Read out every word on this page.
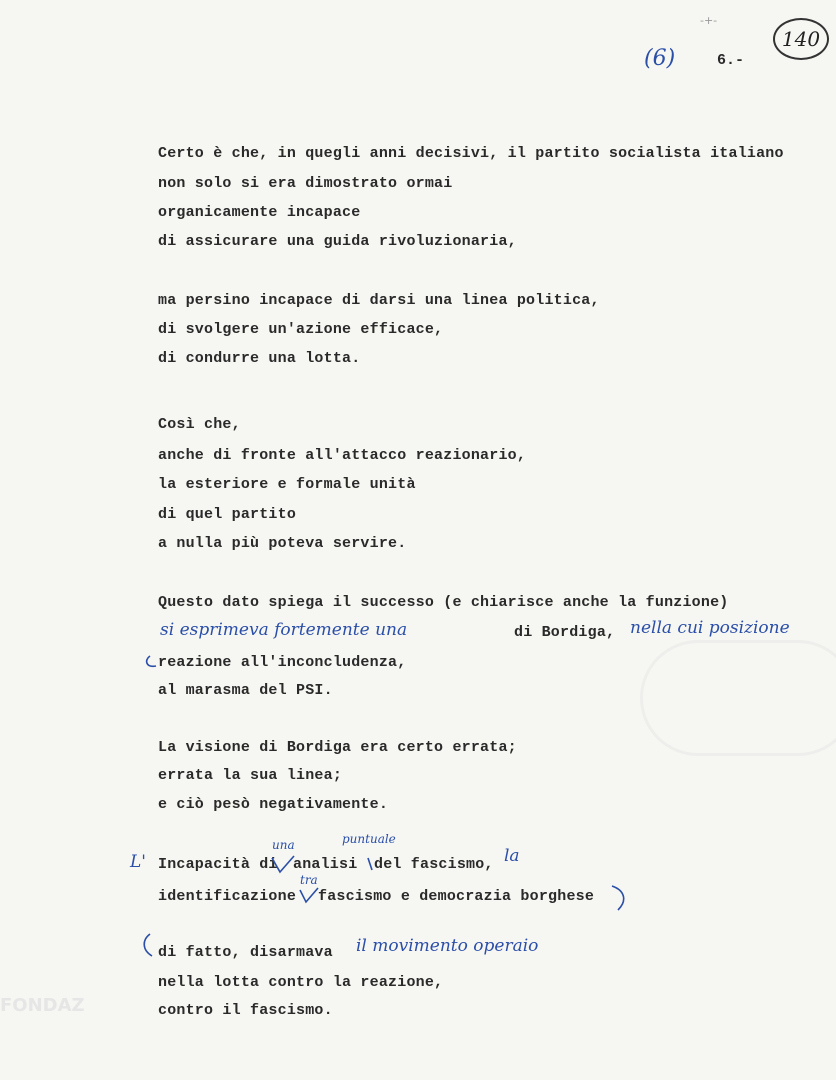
FONDAZ
-+-
140
(6)	6.-
Certo è che, in quegli anni decisivi, il partito socialista italiano
non solo si era dimostrato ormai
organicamente incapace
di assicurare una guida rivoluzionaria,
ma persino incapace di darsi una linea politica,
di svolgere un'azione efficace,
di condurre una lotta.
Così che,
anche di fronte all'attacco reazionario,
la esteriore e formale unità
di quel partito
a nulla più poteva servire.
Questo dato spiega il successo (e chiarisce anche la funzione)
si esprimeva fortemente una	di Bordiga, nella cui posizione
reazione all'inconcludenza,
al marasma del PSI.
La visione di Bordiga era certo errata;
errata la sua linea;
e ciò pesò negativamente.
L'
una	puntuale
Incapacità di analisi del fascismo, la
tra
identificazione fascismo e democrazia borghese
di fatto, disarmava il movimento operaio
nella lotta contro la reazione,
contro il fascismo.
